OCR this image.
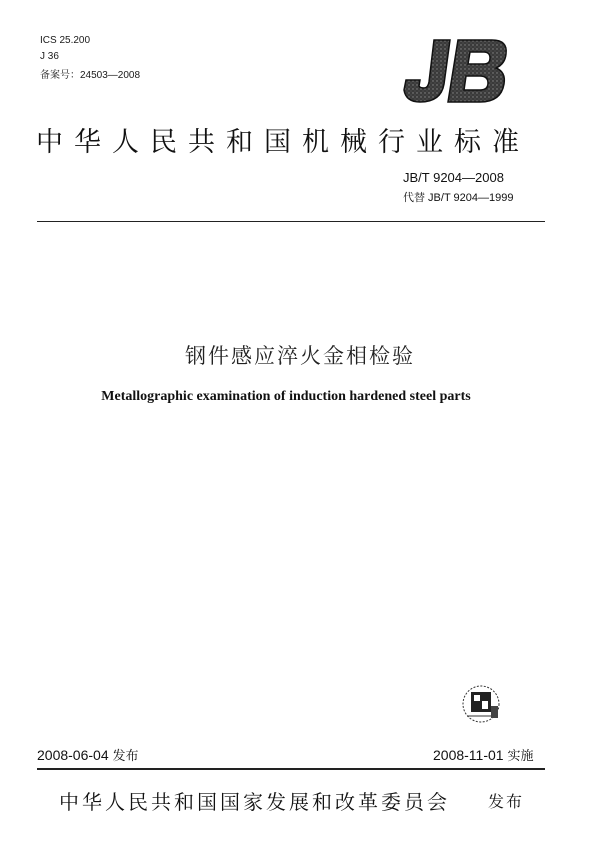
ICS 25.200
J 36
备案号：24503—2008
中华人民共和国机械行业标准
JB/T 9204—2008
代替 JB/T 9204—1999
钢件感应淬火金相检验
Metallographic examination of induction hardened steel parts
2008-06-04 发布	2008-11-01 实施
中华人民共和国国家发展和改革委员会 发布
